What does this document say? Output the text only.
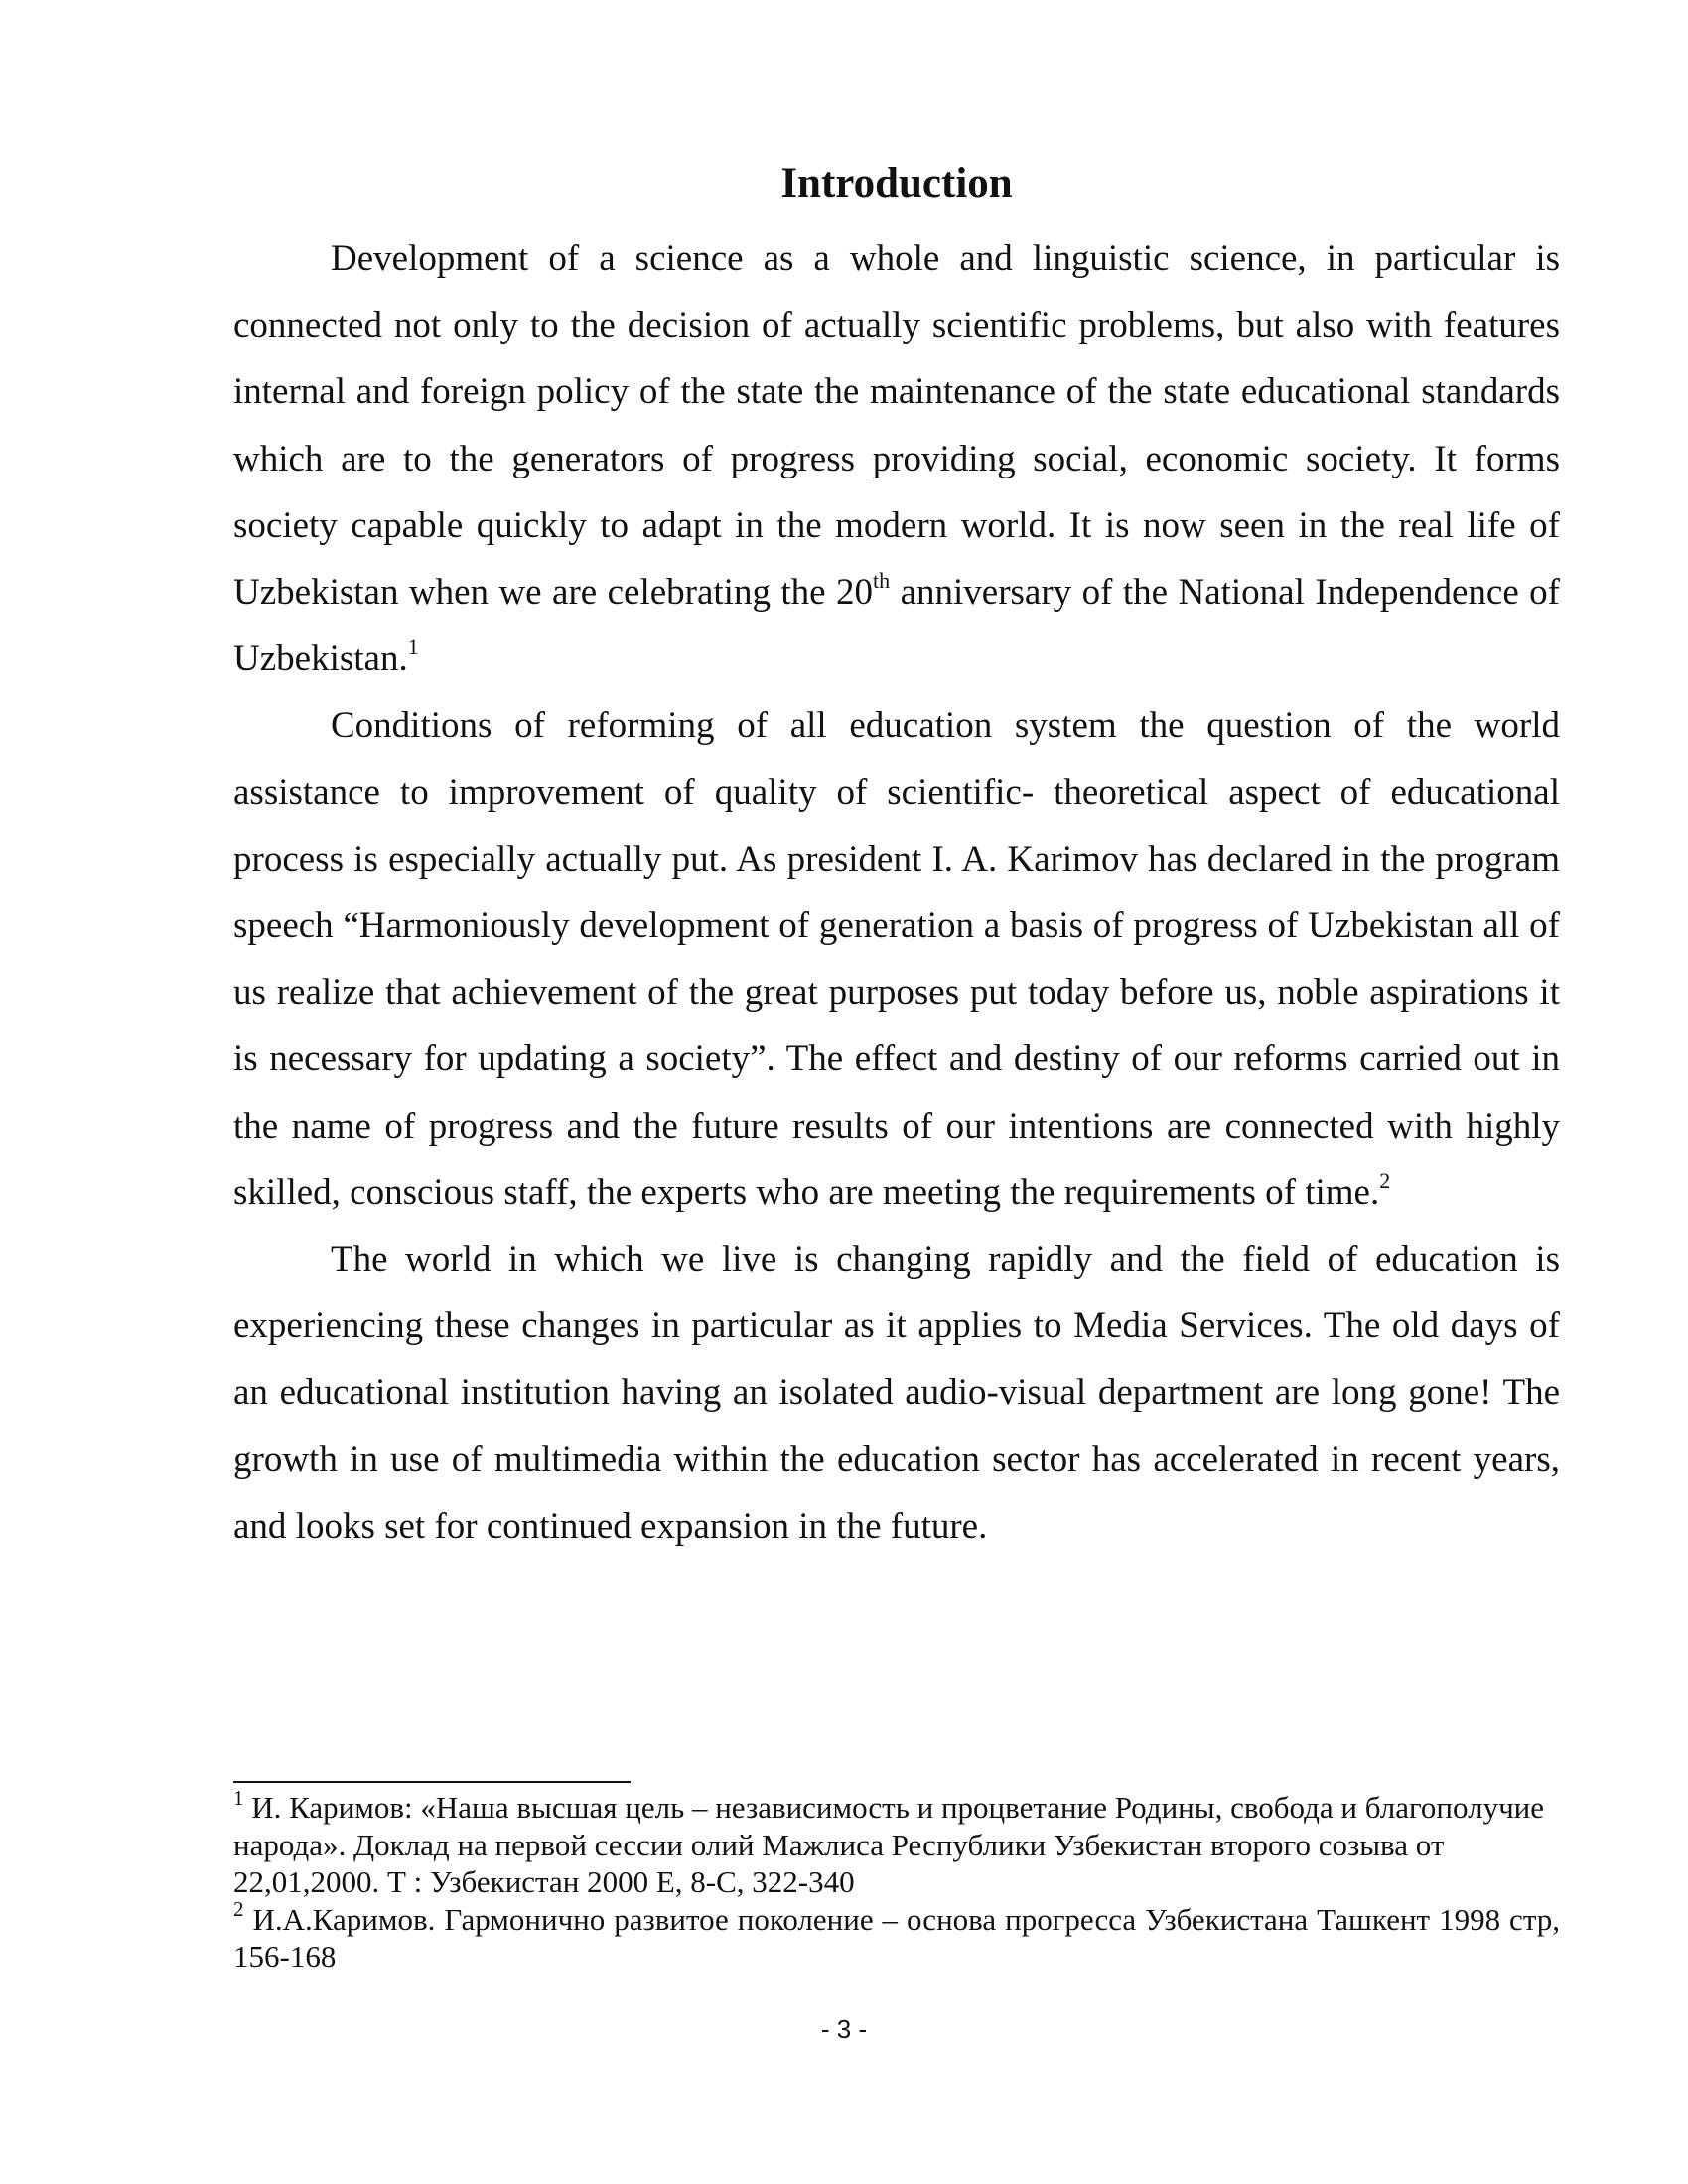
Introduction

Development of a science as a whole and linguistic science, in particular is connected not only to the decision of actually scientific problems, but also with features internal and foreign policy of the state the maintenance of the state educational standards which are to the generators of progress providing social, economic society. It forms society capable quickly to adapt in the modern world. It is now seen in the real life of Uzbekistan when we are celebrating the 20th anniversary of the National Independence of Uzbekistan.$^1$

Conditions of reforming of all education system the question of the world assistance to improvement of quality of scientific- theoretical aspect of educational process is especially actually put. As president I. A. Karimov has declared in the program speech “Harmoniously development of generation a basis of progress of Uzbekistan all of us realize that achievement of the great purposes put today before us, noble aspirations it is necessary for updating a society”. The effect and destiny of our reforms carried out in the name of progress and the future results of our intentions are connected with highly skilled, conscious staff, the experts who are meeting the requirements of time.$^2$

The world in which we live is changing rapidly and the field of education is experiencing these changes in particular as it applies to Media Services. The old days of an educational institution having an isolated audio-visual department are long gone! The growth in use of multimedia within the education sector has accelerated in recent years, and looks set for continued expansion in the future.

$^1$ И. Каримов: «Наша высшая цель – независимость и процветание Родины, свобода и благополучие народа». Доклад на первой сессии олий Мажлиса Республики Узбекистан второго созыва от 22,01,2000. Т : Узбекистан 2000 Е, 8-С, 322-340

$^2$ И.А.Каримов. Гармонично развитое поколение – основа прогресса Узбекистана Ташкент 1998 стр, 156-168

- 3 -
